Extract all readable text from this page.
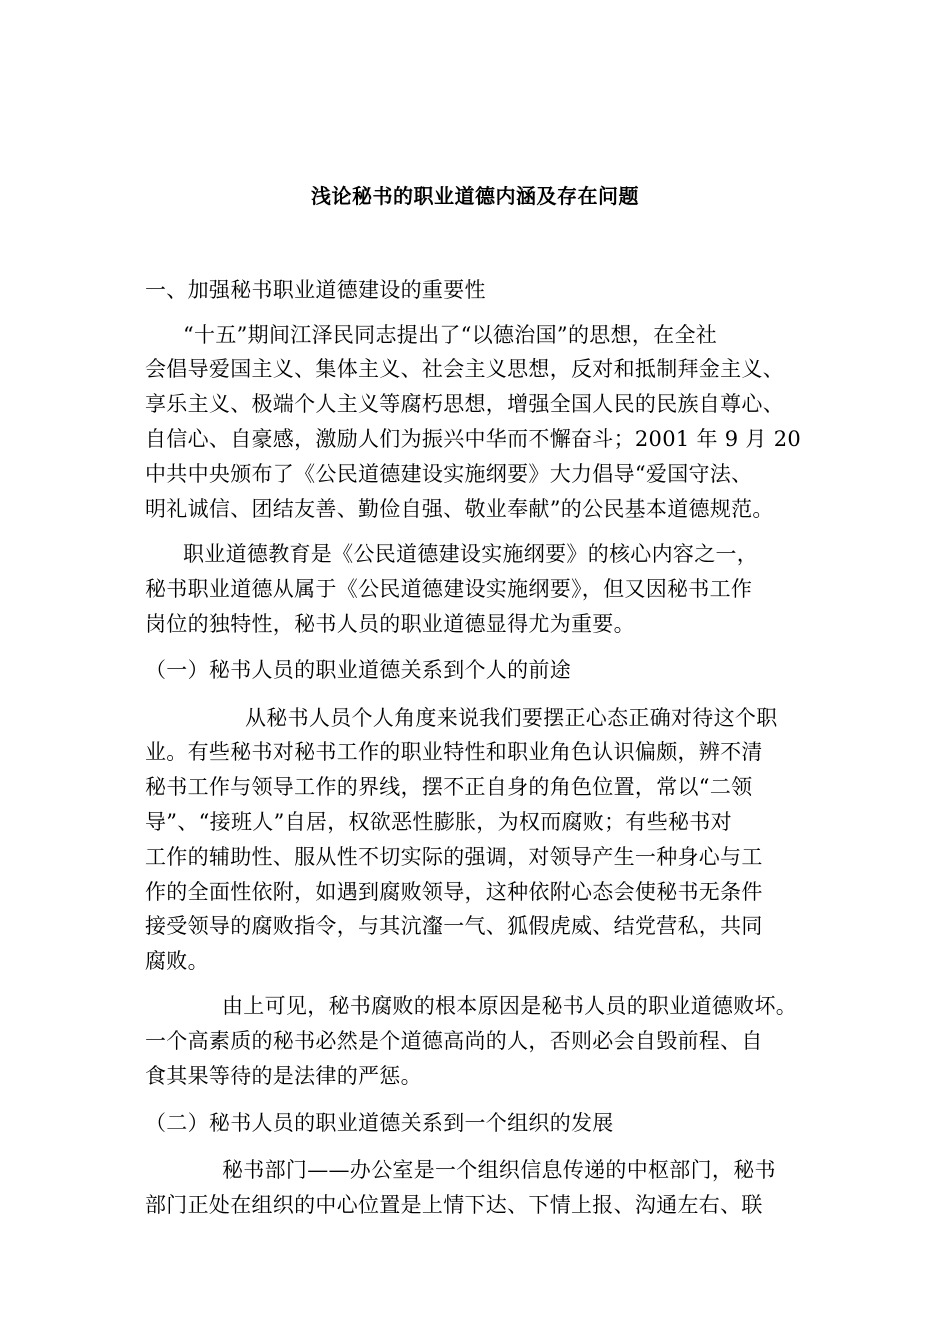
浅论秘书的职业道德内涵及存在问题
一、加强秘书职业道德建设的重要性
“十五”期间江泽民同志提出了“以德治国”的思想，在全社
会倡导爱国主义、集体主义、社会主义思想，反对和抵制拜金主义、
享乐主义、极端个人主义等腐朽思想，增强全国人民的民族自尊心、
自信心、自豪感，激励人们为振兴中华而不懈奋斗；2001 年 9 月 20
中共中央颁布了《公民道德建设实施纲要》大力倡导“爱国守法、
明礼诚信、团结友善、勤俭自强、敬业奉献”的公民基本道德规范。
职业道德教育是《公民道德建设实施纲要》的核心内容之一，
秘书职业道德从属于《公民道德建设实施纲要》，但又因秘书工作
岗位的独特性，秘书人员的职业道德显得尤为重要。
（一）秘书人员的职业道德关系到个人的前途
从秘书人员个人角度来说我们要摆正心态正确对待这个职
业。有些秘书对秘书工作的职业特性和职业角色认识偏颇，辨不清
秘书工作与领导工作的界线，摆不正自身的角色位置，常以“二领
导”、“接班人”自居，权欲恶性膨胀，为权而腐败；有些秘书对
工作的辅助性、服从性不切实际的强调，对领导产生一种身心与工
作的全面性依附，如遇到腐败领导，这种依附心态会使秘书无条件
接受领导的腐败指令，与其沆瀣一气、狐假虎威、结党营私，共同
腐败。
由上可见，秘书腐败的根本原因是秘书人员的职业道德败坏。
一个高素质的秘书必然是个道德高尚的人，否则必会自毁前程、自
食其果等待的是法律的严惩。
（二）秘书人员的职业道德关系到一个组织的发展
秘书部门——办公室是一个组织信息传递的中枢部门，秘书
部门正处在组织的中心位置是上情下达、下情上报、沟通左右、联
